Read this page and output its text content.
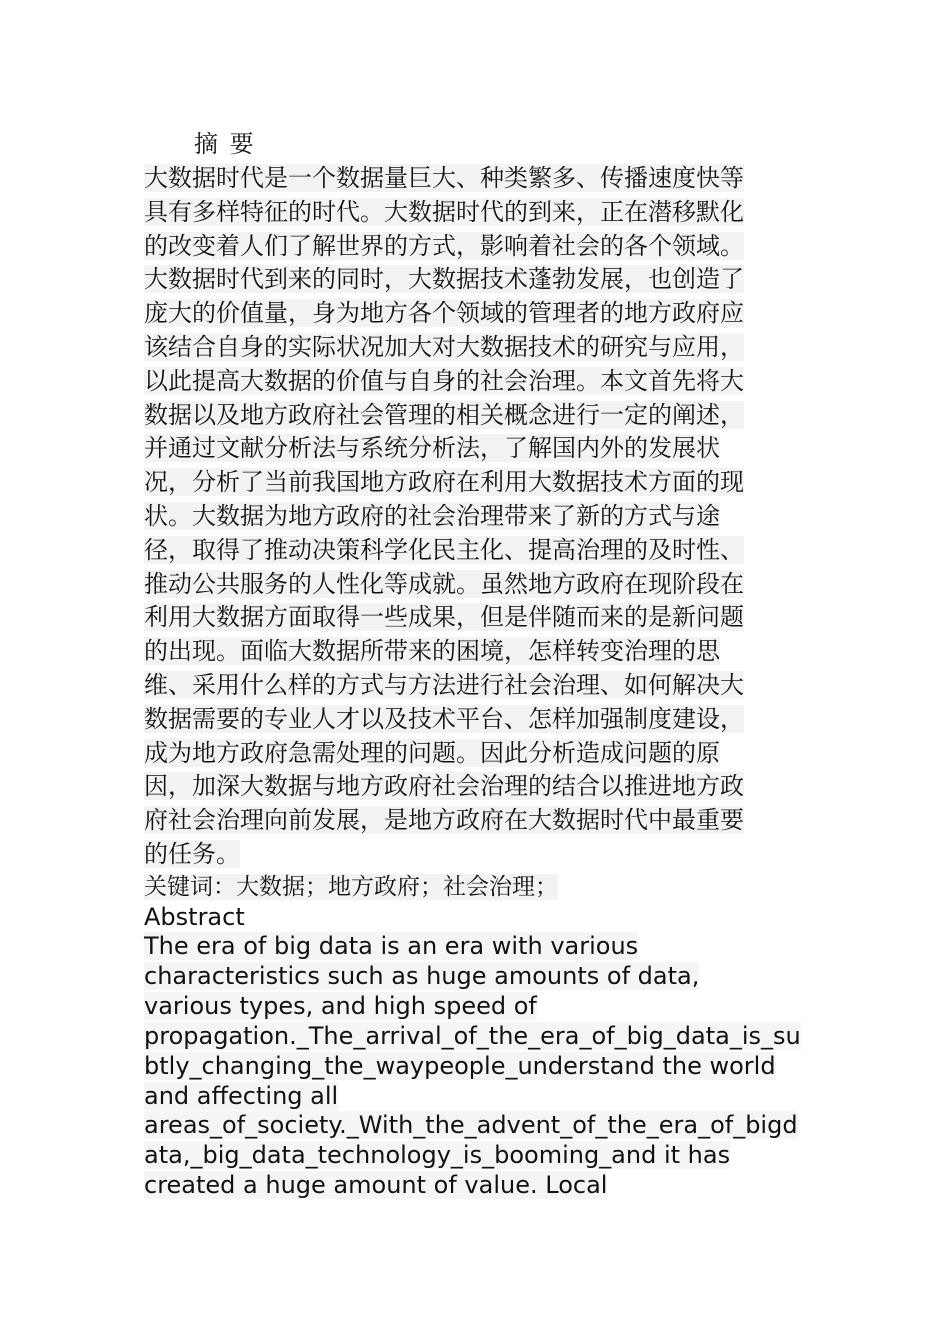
摘 要
大数据时代是一个数据量巨大、种类繁多、传播速度快等
具有多样特征的时代。大数据时代的到来，正在潜移默化
的改变着人们了解世界的方式，影响着社会的各个领域。
大数据时代到来的同时，大数据技术蓬勃发展，也创造了
庞大的价值量，身为地方各个领域的管理者的地方政府应
该结合自身的实际状况加大对大数据技术的研究与应用，
以此提高大数据的价值与自身的社会治理。本文首先将大
数据以及地方政府社会管理的相关概念进行一定的阐述，
并通过文献分析法与系统分析法，了解国内外的发展状
况，分析了当前我国地方政府在利用大数据技术方面的现
状。大数据为地方政府的社会治理带来了新的方式与途
径，取得了推动决策科学化民主化、提高治理的及时性、
推动公共服务的人性化等成就。虽然地方政府在现阶段在
利用大数据方面取得一些成果，但是伴随而来的是新问题
的出现。面临大数据所带来的困境，怎样转变治理的思
维、采用什么样的方式与方法进行社会治理、如何解决大
数据需要的专业人才以及技术平台、怎样加强制度建设，
成为地方政府急需处理的问题。因此分析造成问题的原
因，加深大数据与地方政府社会治理的结合以推进地方政
府社会治理向前发展，是地方政府在大数据时代中最重要
的任务。
关键词：大数据；地方政府；社会治理；
Abstract
The era of big data is an era with various
characteristics such as huge amounts of data,
various types, and high speed of
propagation._The_arrival_of_the_era_of_big_data_is_su
btly_changing_the_waypeople_understand the world
and affecting all
areas_of_society._With_the_advent_of_the_era_of_bigd
ata,_big_data_technology_is_booming_and it has
created a huge amount of value. Local
